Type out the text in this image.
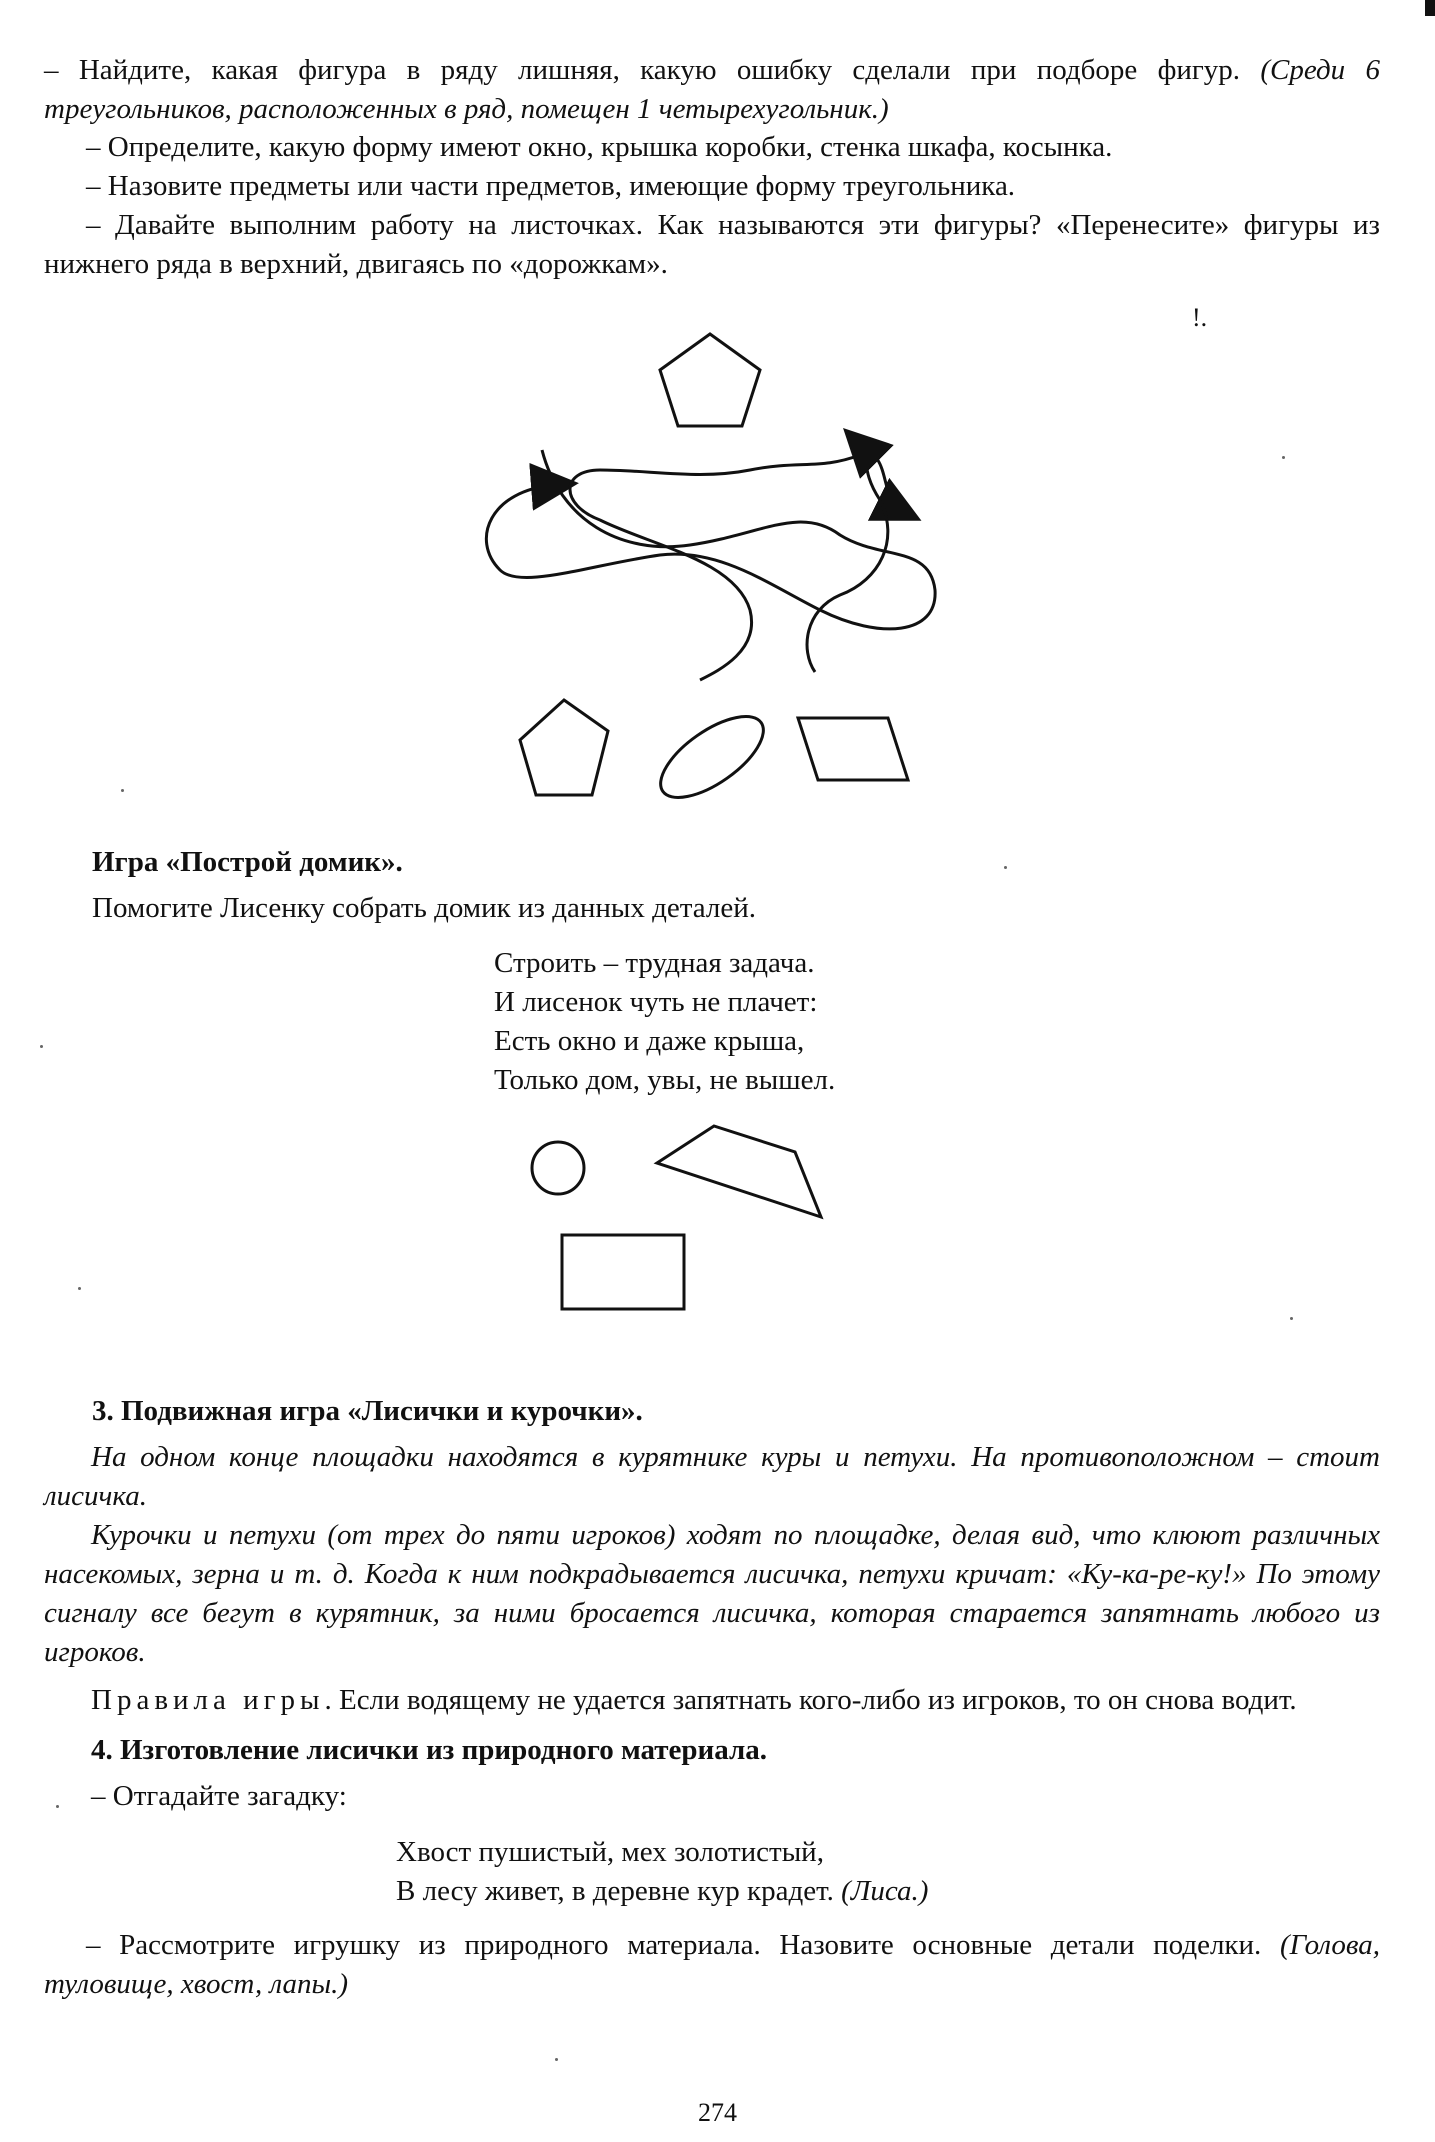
– Найдите, какая фигура в ряду лишняя, какую ошибку сделали при подборе фигур. (Среди 6 треугольников, расположенных в ряд, помещен 1 четырехугольник.)

– Определите, какую форму имеют окно, крышка коробки, стенка шкафа, косынка.

– Назовите предметы или части предметов, имеющие форму треугольника.

– Давайте выполним работу на листочках. Как называются эти фигуры? «Перенесите» фигуры из нижнего ряда в верхний, двигаясь по «дорожкам».

!.

Игра «Построй домик».

Помогите Лисенку собрать домик из данных деталей.

Строить – трудная задача.

И лисенок чуть не плачет:

Есть окно и даже крыша,

Только дом, увы, не вышел.

3. Подвижная игра «Лисички и курочки».

На одном конце площадки находятся в курятнике куры и петухи. На противоположном – стоит лисичка.

Курочки и петухи (от трех до пяти игроков) ходят по площадке, делая вид, что клюют различных насекомых, зерна и т. д. Когда к ним подкрадывается лисичка, петухи кричат: «Ку-ка-ре-ку!» По этому сигналу все бегут в курятник, за ними бросается лисичка, которая старается запятнать любого из игроков.

Правила игры. Если водящему не удается запятнать кого-либо из игроков, то он снова водит.

4. Изготовление лисички из природного материала.

– Отгадайте загадку:

Хвост пушистый, мех золотистый,

В лесу живет, в деревне кур крадет. (Лиса.)

– Рассмотрите игрушку из природного материала. Назовите основные детали поделки. (Голова, туловище, хвост, лапы.)

274
